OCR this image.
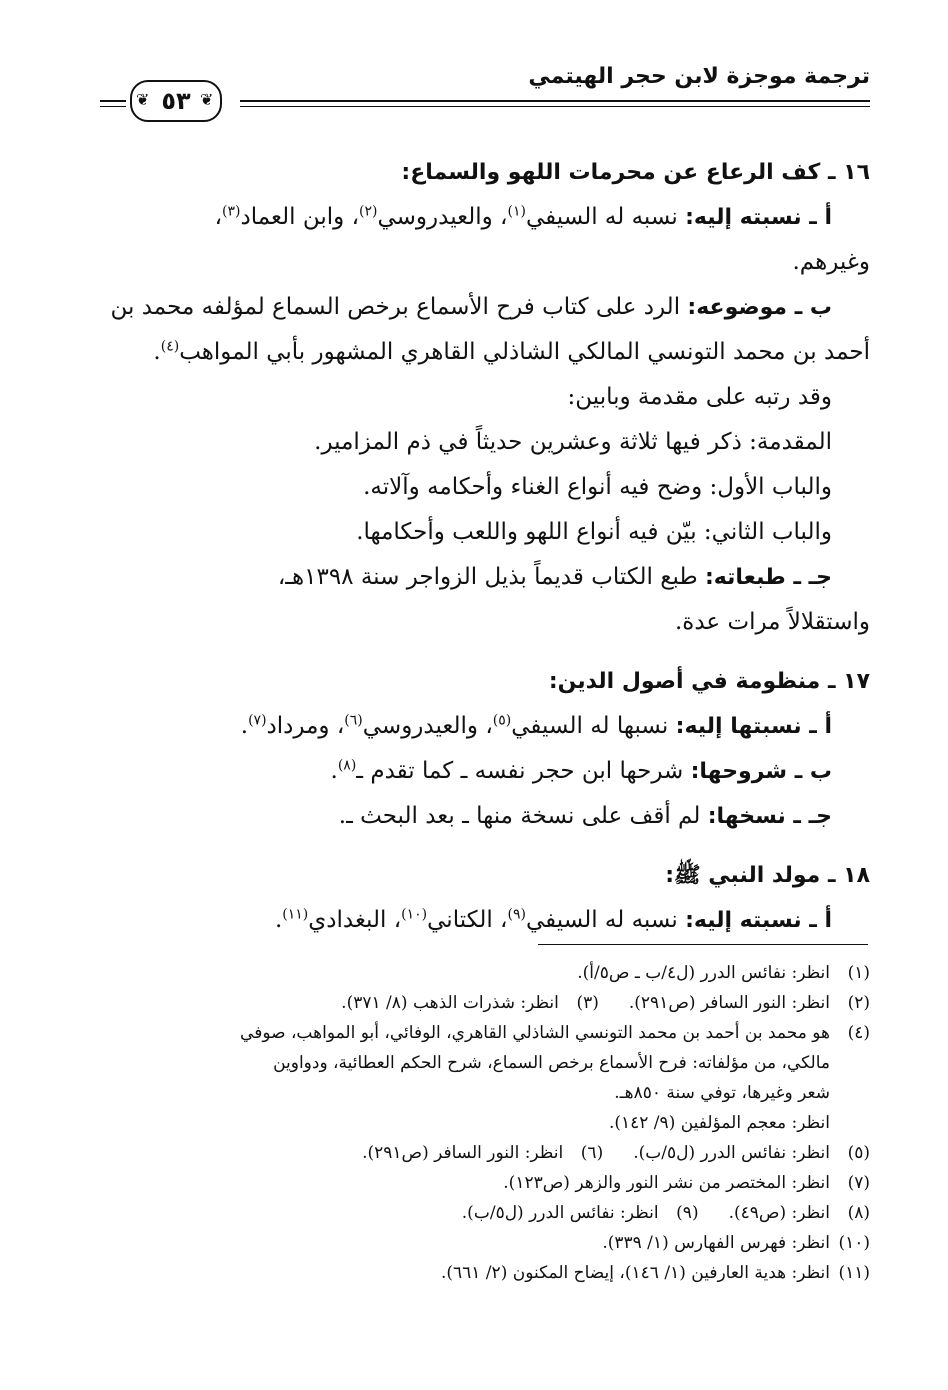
ترجمة موجزة لابن حجر الهيتمي
❦ ٥٣ ❦
١٦ ـ كف الرعاع عن محرمات اللهو والسماع:
أ ـ نسبته إليه: نسبه له السيفي$^{(١)}$، والعيدروسي$^{(٢)}$، وابن العماد$^{(٣)}$،
وغيرهم.
ب ـ موضوعه: الرد على كتاب فرح الأسماع برخص السماع لمؤلفه محمد بن
أحمد بن محمد التونسي المالكي الشاذلي القاهري المشهور بأبي المواهب$^{(٤)}$.
وقد رتبه على مقدمة وبابين:
المقدمة: ذكر فيها ثلاثة وعشرين حديثاً في ذم المزامير.
والباب الأول: وضح فيه أنواع الغناء وأحكامه وآلاته.
والباب الثاني: بيّن فيه أنواع اللهو واللعب وأحكامها.
جـ ـ طبعاته: طبع الكتاب قديماً بذيل الزواجر سنة ١٣٩٨هـ،
واستقلالاً مرات عدة.
١٧ ـ منظومة في أصول الدين:
أ ـ نسبتها إليه: نسبها له السيفي$^{(٥)}$، والعيدروسي$^{(٦)}$، ومرداد$^{(٧)}$.
ب ـ شروحها: شرحها ابن حجر نفسه ـ كما تقدم ـ$^{(٨)}$.
جـ ـ نسخها: لم أقف على نسخة منها ـ بعد البحث ـ.
١٨ ـ مولد النبي ﷺ:
أ ـ نسبته إليه: نسبه له السيفي$^{(٩)}$، الكتاني$^{(١٠)}$، البغدادي$^{(١١)}$.
(١)انظر: نفائس الدرر (ل٤/ب ـ ص٥/أ).
(٢)انظر: النور السافر (ص٢٩١).(٣)انظر: شذرات الذهب (٨/ ٣٧١).
(٤)هو محمد بن أحمد بن محمد التونسي الشاذلي القاهري، الوفائي، أبو المواهب، صوفي
مالكي، من مؤلفاته: فرح الأسماع برخص السماع، شرح الحكم العطائية، ودواوين
شعر وغيرها، توفي سنة ٨٥٠هـ.
انظر: معجم المؤلفين (٩/ ١٤٢).
(٥)انظر: نفائس الدرر (ل٥/ب).(٦)انظر: النور السافر (ص٢٩١).
(٧)انظر: المختصر من نشر النور والزهر (ص١٢٣).
(٨)انظر: (ص٤٩).(٩)انظر: نفائس الدرر (ل٥/ب).
(١٠)انظر: فهرس الفهارس (١/ ٣٣٩).
(١١)انظر: هدية العارفين (١/ ١٤٦)، إيضاح المكنون (٢/ ٦٦١).
